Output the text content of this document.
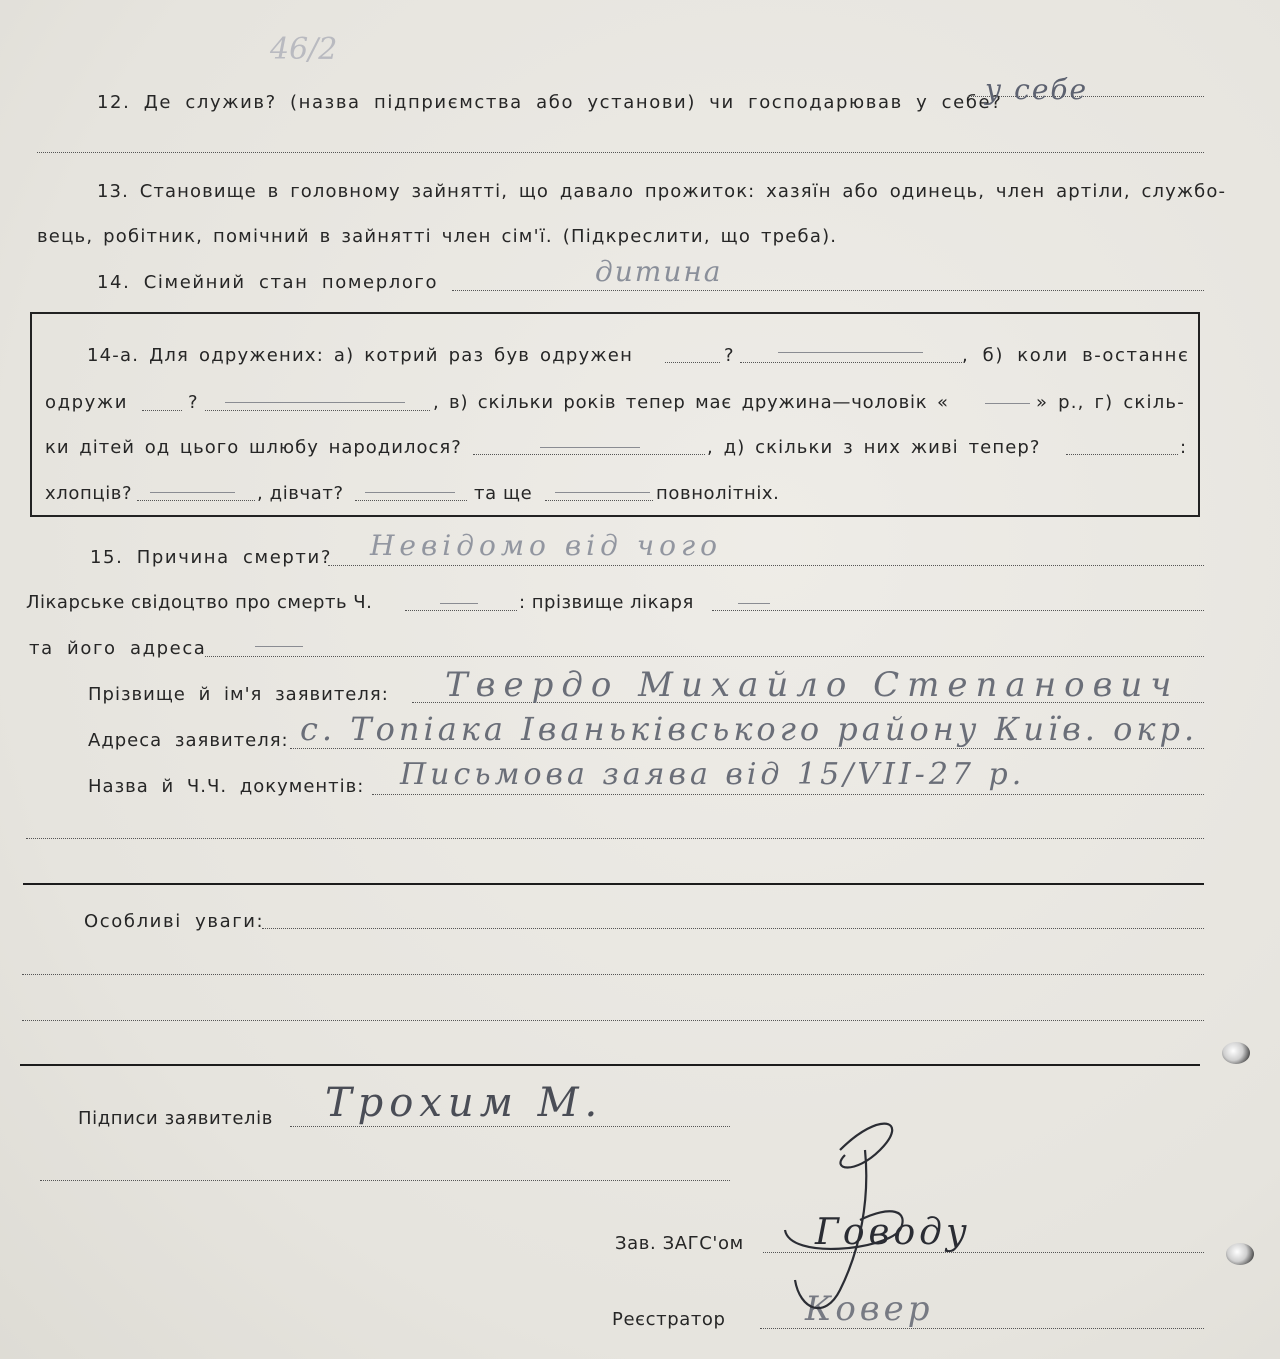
46/2
12. Де служив? (назва підприємства або установи) чи господарював у себе?
у себе
13. Становище в головному зайнятті, що давало прожиток: хазяїн або одинець, член артіли, службо-
вець, робітник, помічний в зайнятті член сім'ї. (Підкреслити, що треба).
14. Сімейний стан померлого	дитина
14-а. Для одружених: а) котрий раз був одружен	?	, б) коли в-останнє
одружи	?	, в) скільки років тепер має дружина—чоловік «	» р., г) скіль-
ки дітей од цього шлюбу народилося?	, д) скільки з них живі тепер?	:
хлопців?	, дівчат?	та ще	повнолітніх.
15. Причина смерти? Невідомо від чого
Лікарське свідоцтво про смерть Ч.	: прізвище лікаря
та його адреса
Прізвище й ім'я заявителя: Твердо Михайло Степанович
Адреса заявителя: с. Топіака Іваньківського району Київ. окр.
Назва й Ч.Ч. документів: Письмова заява від 15/VII-27 р.
Особливі уваги:
Підписи заявителів Трохим М.
Зав. ЗАГС'ом Говоду
Реєстратор Ковер
